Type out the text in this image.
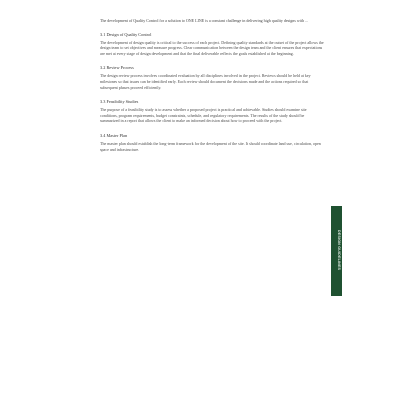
The development of Quality Control for a solution to ONE LINE is a constant challenge in delivering high quality designs with ...

3.1 Design of Quality Control

The development of design quality is critical to the success of each project. Defining quality standards at the outset of the project allows the design team to set objectives and measure progress. Clear communication between the design team and the client ensures that expectations are met at every stage of design development and that the final deliverable reflects the goals established at the beginning.

3.2 Review Process

The design review process involves coordinated evaluation by all disciplines involved in the project. Reviews should be held at key milestones so that issues can be identified early. Each review should document the decisions made and the actions required so that subsequent phases proceed efficiently.

3.3 Feasibility Studies

The purpose of a feasibility study is to assess whether a proposed project is practical and achievable. Studies should examine site conditions, program requirements, budget constraints, schedule, and regulatory requirements. The results of the study should be summarized in a report that allows the client to make an informed decision about how to proceed with the project.

3.4 Master Plan

The master plan should establish the long-term framework for the development of the site. It should coordinate land use, circulation, open space and infrastructure.

DESIGN GUIDELINES
